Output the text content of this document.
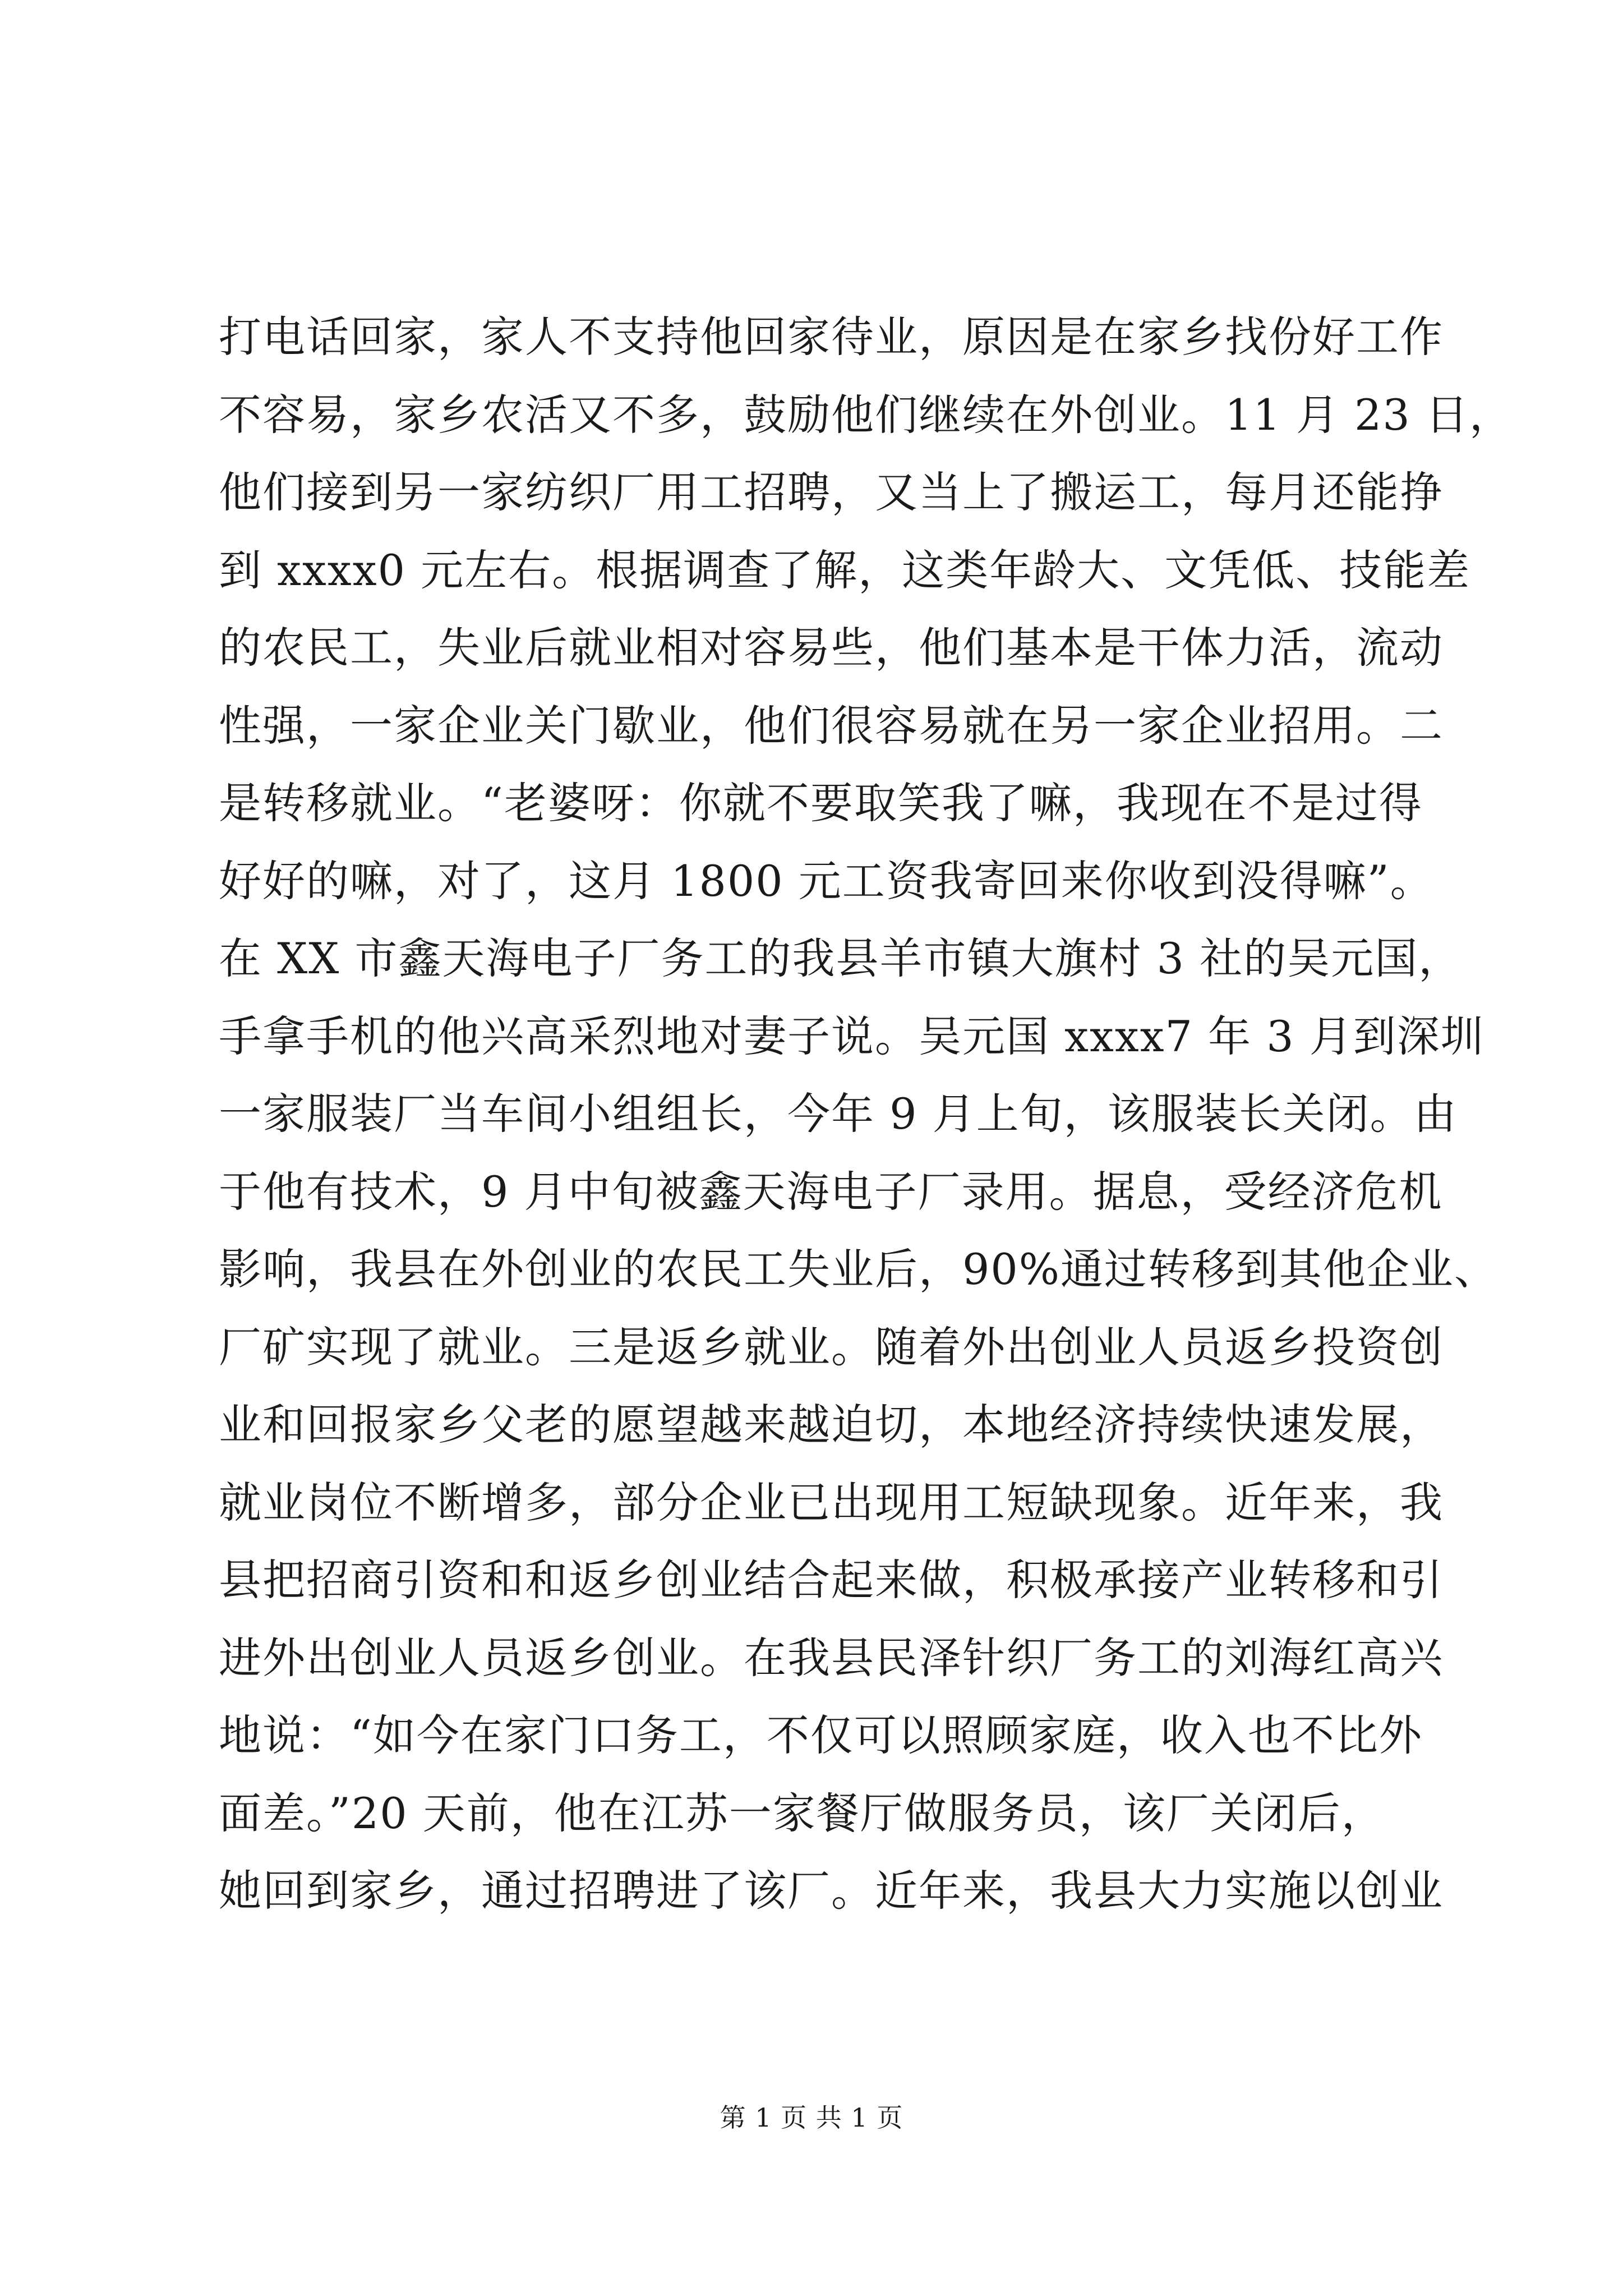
打电话回家，家人不支持他回家待业，原因是在家乡找份好工作
不容易，家乡农活又不多，鼓励他们继续在外创业。11 月 23 日，
他们接到另一家纺织厂用工招聘，又当上了搬运工，每月还能挣
到 xxxx0 元左右。根据调查了解，这类年龄大、文凭低、技能差
的农民工，失业后就业相对容易些，他们基本是干体力活，流动
性强，一家企业关门歇业，他们很容易就在另一家企业招用。二
是转移就业。“老婆呀：你就不要取笑我了嘛，我现在不是过得
好好的嘛，对了，这月 1800 元工资我寄回来你收到没得嘛”。
在 XX 市鑫天海电子厂务工的我县羊市镇大旗村 3 社的吴元国，
手拿手机的他兴高采烈地对妻子说。吴元国 xxxx7 年 3 月到深圳
一家服装厂当车间小组组长，今年 9 月上旬，该服装长关闭。由
于他有技术，9 月中旬被鑫天海电子厂录用。据息，受经济危机
影响，我县在外创业的农民工失业后，90%通过转移到其他企业、
厂矿实现了就业。三是返乡就业。随着外出创业人员返乡投资创
业和回报家乡父老的愿望越来越迫切，本地经济持续快速发展，
就业岗位不断增多，部分企业已出现用工短缺现象。近年来，我
县把招商引资和和返乡创业结合起来做，积极承接产业转移和引
进外出创业人员返乡创业。在我县民泽针织厂务工的刘海红高兴
地说：“如今在家门口务工，不仅可以照顾家庭，收入也不比外
面差。”20 天前，他在江苏一家餐厅做服务员，该厂关闭后，
她回到家乡，通过招聘进了该厂。近年来，我县大力实施以创业
第 1 页 共 1 页
